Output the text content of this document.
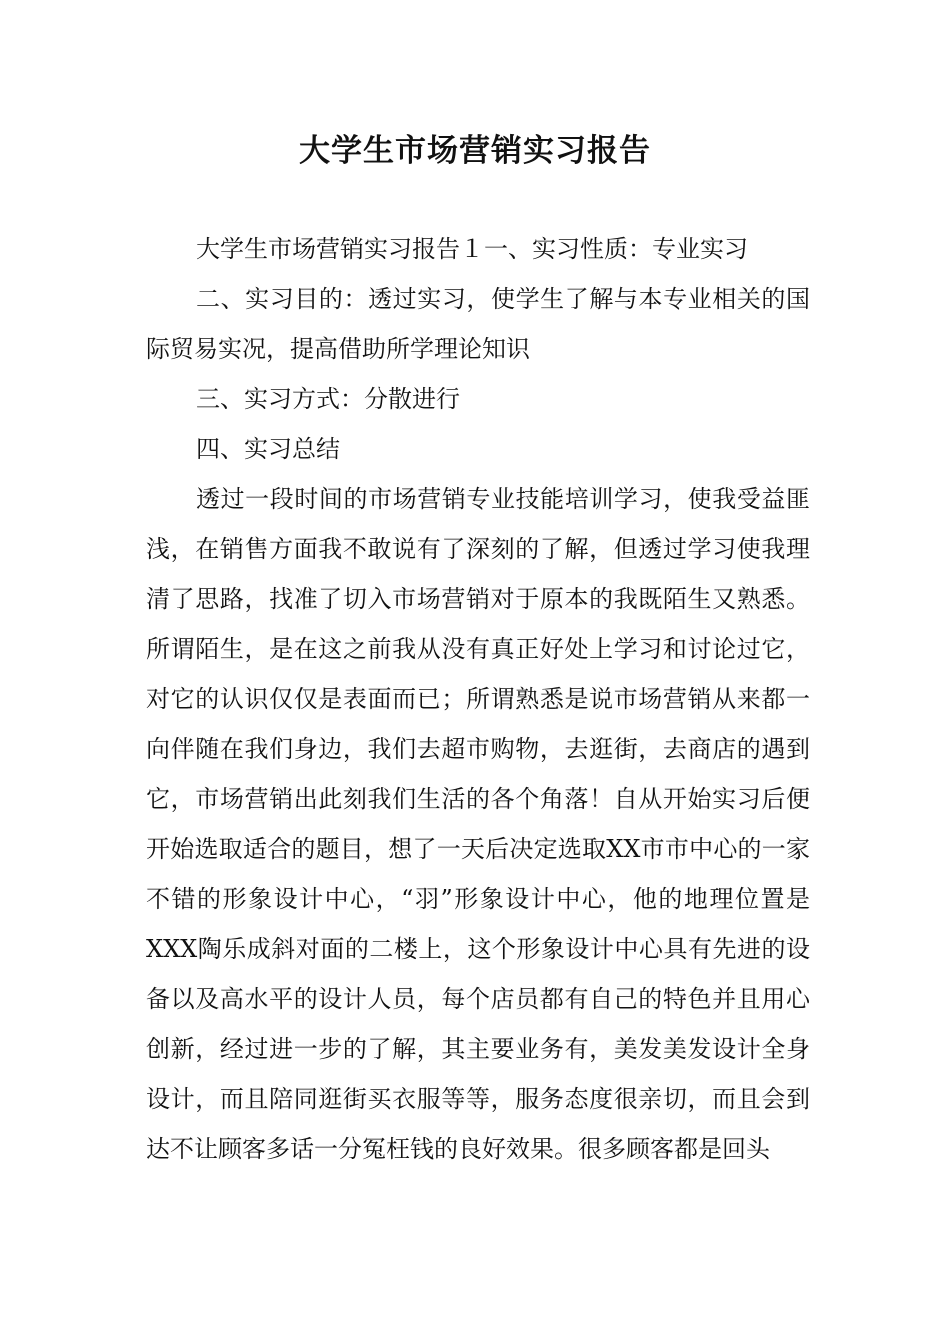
大学生市场营销实习报告

大学生市场营销实习报告１一、实习性质：专业实习

二、实习目的：透过实习，使学生了解与本专业相关的国际贸易实况，提高借助所学理论知识

三、实习方式：分散进行

四、实习总结

透过一段时间的市场营销专业技能培训学习，使我受益匪浅，在销售方面我不敢说有了深刻的了解，但透过学习使我理清了思路，找准了切入市场营销对于原本的我既陌生又熟悉。所谓陌生，是在这之前我从没有真正好处上学习和讨论过它，对它的认识仅仅是表面而已；所谓熟悉是说市场营销从来都一向伴随在我们身边，我们去超市购物，去逛街，去商店的遇到它，市场营销出此刻我们生活的各个角落！自从开始实习后便开始选取适合的题目，想了一天后决定选取XX市市中心的一家不错的形象设计中心，“羽”形象设计中心，他的地理位置是XXX陶乐成斜对面的二楼上，这个形象设计中心具有先进的设备以及高水平的设计人员，每个店员都有自己的特色并且用心创新，经过进一步的了解，其主要业务有，美发美发设计全身设计，而且陪同逛街买衣服等等，服务态度很亲切，而且会到达不让顾客多话一分冤枉钱的良好效果。很多顾客都是回头
